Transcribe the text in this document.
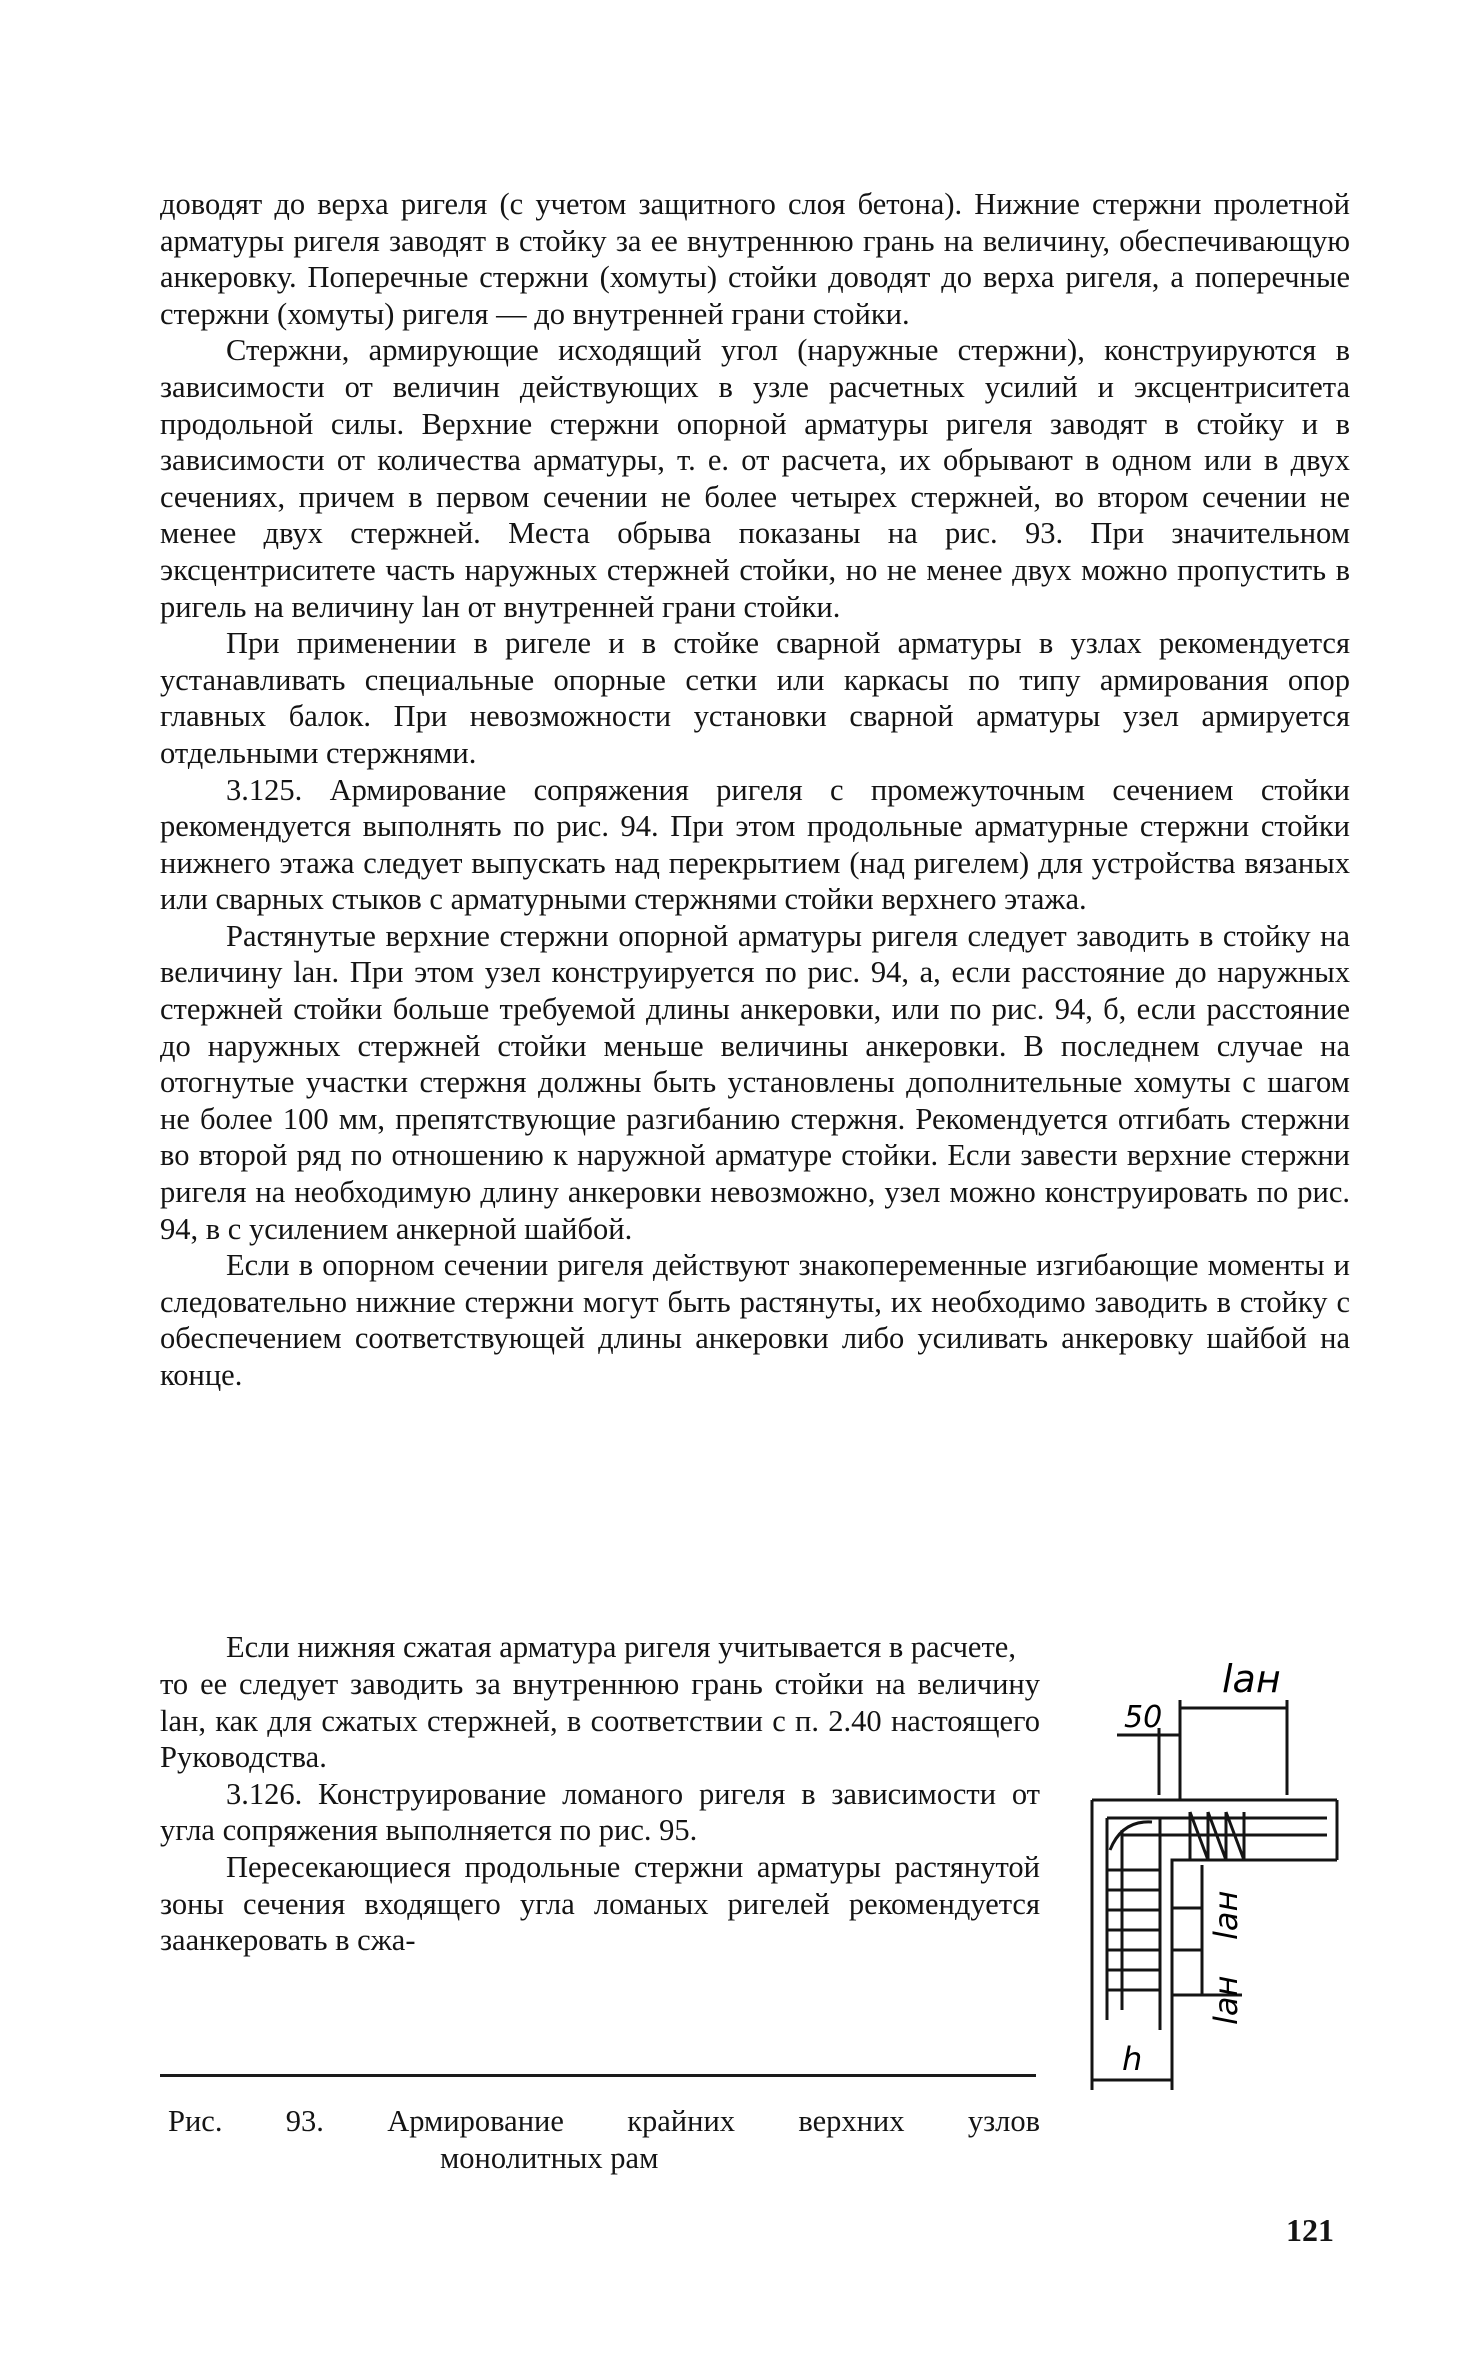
доводят до верха ригеля (с учетом защитного слоя бетона). Нижние стержни пролетной арматуры ригеля заводят в стойку за ее внутреннюю грань на величину, обеспечивающую анкеровку. Поперечные стержни (хомуты) стойки доводят до верха ригеля, а поперечные стержни (хомуты) ригеля — до внутренней грани стойки.

Стержни, армирующие исходящий угол (наружные стержни), конструируются в зависимости от величин действующих в узле расчетных усилий и эксцентриситета продольной силы. Верхние стержни опорной арматуры ригеля заводят в стойку и в зависимости от количества арматуры, т. е. от расчета, их обрывают в одном или в двух сечениях, причем в первом сечении не более четырех стержней, во втором сечении не менее двух стержней. Места обрыва показаны на рис. 93. При значительном эксцентриситете часть наружных стержней стойки, но не менее двух можно пропустить в ригель на величину lан от внутренней грани стойки.

При применении в ригеле и в стойке сварной арматуры в узлах рекомендуется устанавливать специальные опорные сетки или каркасы по типу армирования опор главных балок. При невозможности установки сварной арматуры узел армируется отдельными стержнями.

3.125. Армирование сопряжения ригеля с промежуточным сечением стойки рекомендуется выполнять по рис. 94. При этом продольные арматурные стержни стойки нижнего этажа следует выпускать над перекрытием (над ригелем) для устройства вязаных или сварных стыков с арматурными стержнями стойки верхнего этажа.

Растянутые верхние стержни опорной арматуры ригеля следует заводить в стойку на величину lан. При этом узел конструируется по рис. 94, а, если расстояние до наружных стержней стойки больше требуемой длины анкеровки, или по рис. 94, б, если расстояние до наружных стержней стойки меньше величины анкеровки. В последнем случае на отогнутые участки стержня должны быть установлены дополнительные хомуты с шагом не более 100 мм, препятствующие разгибанию стержня. Рекомендуется отгибать стержни во второй ряд по отношению к наружной арматуре стойки. Если завести верхние стержни ригеля на необходимую длину анкеровки невозможно, узел можно конструировать по рис. 94, в с усилением анкерной шайбой.

Если в опорном сечении ригеля действуют знакопеременные изгибающие моменты и следовательно нижние стержни могут быть растянуты, их необходимо заводить в стойку с обеспечением соответствующей длины анкеровки либо усиливать анкеровку шайбой на конце.

Если нижняя сжатая арматура ригеля учитывается в расчете,

то ее следует заводить за внутреннюю грань стойки на величину lан, как для сжатых стержней, в соответствии с п. 2.40 настоящего Руководства.

3.126. Конструирование ломаного ригеля в зависимости от угла сопряжения выполняется по рис. 95.

Пересекающиеся продольные стержни арматуры растянутой зоны сечения входящего угла ломаных ригелей рекомендуется заанкеровать в сжа-

Рис. 93. Армирование крайних верхних узлов
монолитных рам
lан
50
lан
lан
h
121
